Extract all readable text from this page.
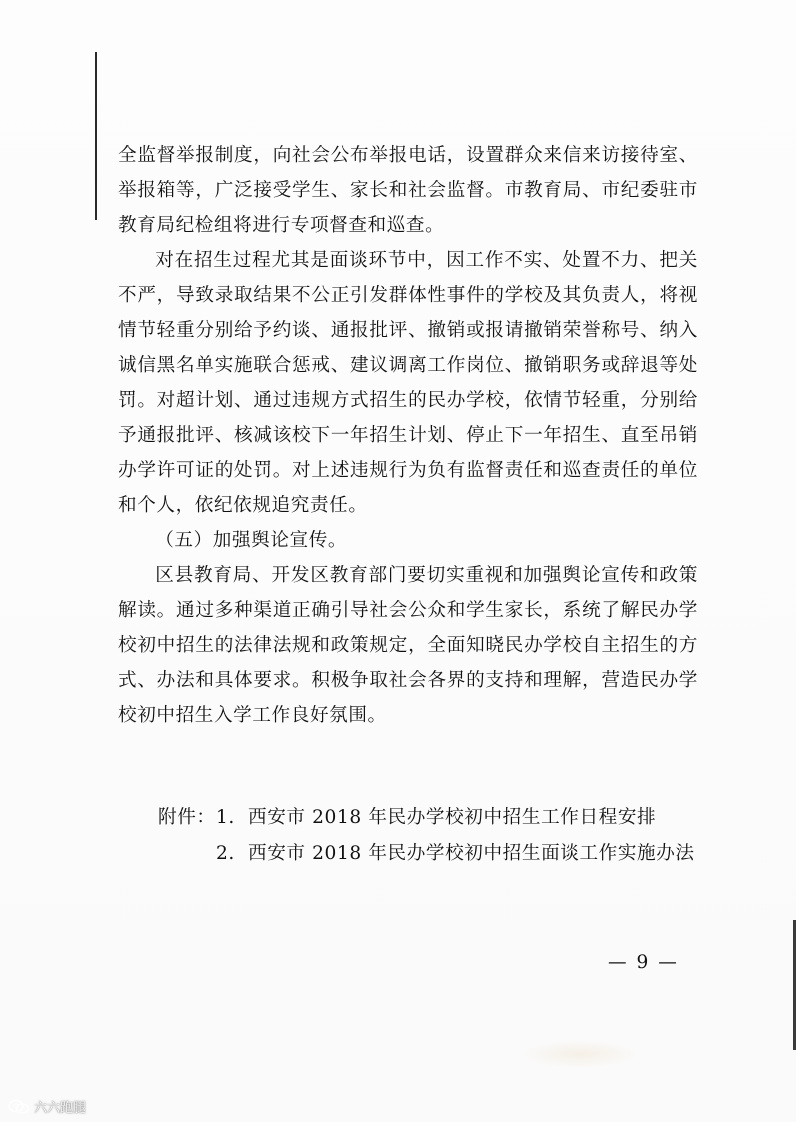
全监督举报制度，向社会公布举报电话，设置群众来信来访接待室、举报箱等，广泛接受学生、家长和社会监督。市教育局、市纪委驻市教育局纪检组将进行专项督查和巡查。

对在招生过程尤其是面谈环节中，因工作不实、处置不力、把关不严，导致录取结果不公正引发群体性事件的学校及其负责人，将视情节轻重分别给予约谈、通报批评、撤销或报请撤销荣誉称号、纳入诚信黑名单实施联合惩戒、建议调离工作岗位、撤销职务或辞退等处罚。对超计划、通过违规方式招生的民办学校，依情节轻重，分别给予通报批评、核减该校下一年招生计划、停止下一年招生、直至吊销办学许可证的处罚。对上述违规行为负有监督责任和巡查责任的单位和个人，依纪依规追究责任。

（五）加强舆论宣传。

区县教育局、开发区教育部门要切实重视和加强舆论宣传和政策解读。通过多种渠道正确引导社会公众和学生家长，系统了解民办学校初中招生的法律法规和政策规定，全面知晓民办学校自主招生的方式、办法和具体要求。积极争取社会各界的支持和理解，营造民办学校初中招生入学工作良好氛围。

附件： 1. 西安市 2018 年民办学校初中招生工作日程安排
2. 西安市 2018 年民办学校初中招生面谈工作实施办法
— 9 —
六六跑腿
